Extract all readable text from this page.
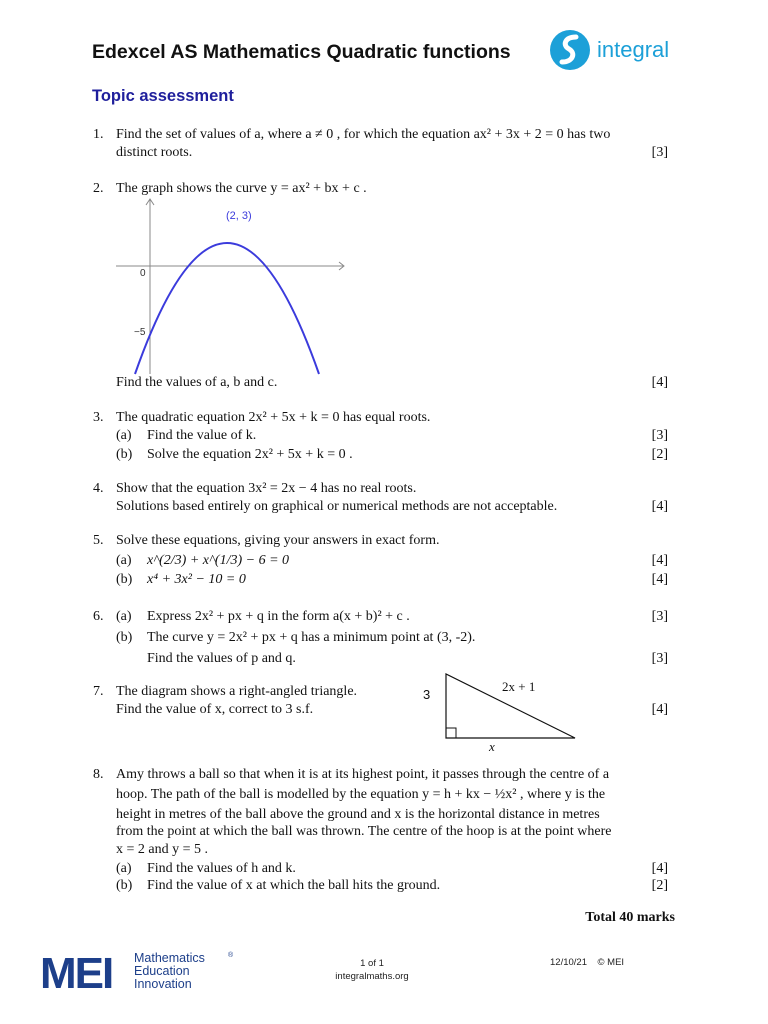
Edexcel AS Mathematics Quadratic functions	integral
Topic assessment
1. Find the set of values of a, where a ≠ 0 , for which the equation ax² + 3x + 2 = 0 has two
distinct roots.	[3]
2. The graph shows the curve y = ax² + bx + c .
Find the values of a, b and c.	[4]
(2, 3)
0
−5
3. The quadratic equation 2x² + 5x + k = 0 has equal roots.
(a) Find the value of k.	[3]
(b) Solve the equation 2x² + 5x + k = 0 .	[2]
4. Show that the equation 3x² = 2x − 4 has no real roots.
Solutions based entirely on graphical or numerical methods are not acceptable.	[4]
5. Solve these equations, giving your answers in exact form.
(a) x^(2/3) + x^(1/3) − 6 = 0	[4]
(b) x⁴ + 3x² − 10 = 0	[4]
6. (a) Express 2x² + px + q in the form a(x + b)² + c .	[3]
(b) The curve y = 2x² + px + q has a minimum point at (3, -2).
Find the values of p and q.	[3]
7. The diagram shows a right-angled triangle.
Find the value of x, correct to 3 s.f.	[4]
3
2x + 1
x
8. Amy throws a ball so that when it is at its highest point, it passes through the centre of a
hoop. The path of the ball is modelled by the equation y = h + kx − ½x² , where y is the
height in metres of the ball above the ground and x is the horizontal distance in metres
from the point at which the ball was thrown. The centre of the hoop is at the point where
x = 2 and y = 5 .
(a) Find the values of h and k.	[4]
(b) Find the value of x at which the ball hits the ground.	[2]
Total 40 marks
MEI Mathematics	®
Education
Innovation
1 of 1
integralmaths.org
12/10/21 © MEI
